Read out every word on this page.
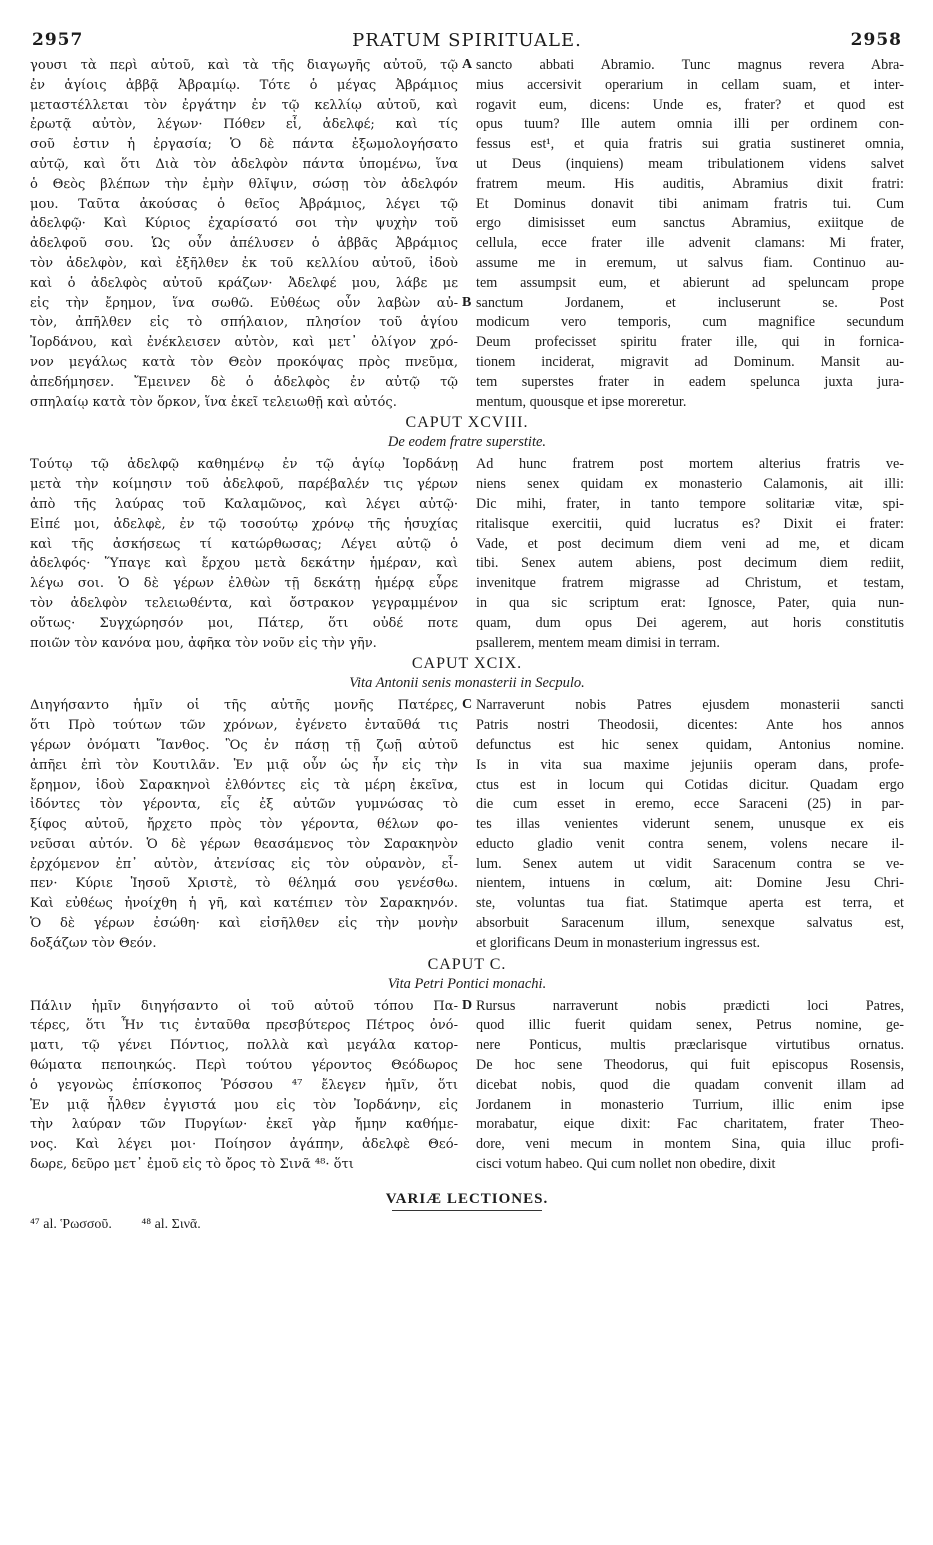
2957	PRATUM SPIRITUALE.	2958
γουσι τὰ περὶ αὐτοῦ, καὶ τὰ τῆς διαγωγῆς αὐτοῦ, τῷ
ἐν ἁγίοις ἀββᾷ Ἀβραμίῳ. Τότε ὁ μέγας Ἀβράμιος
μεταστέλλεται τὸν ἐργάτην ἐν τῷ κελλίῳ αὐτοῦ, καὶ
ἐρωτᾷ αὐτὸν, λέγων· Πόθεν εἶ, ἀδελφέ; καὶ τίς
σοῦ ἐστιν ἡ ἐργασία; Ὁ δὲ πάντα ἐξωμολογήσατο
αὐτῷ, καὶ ὅτι Διὰ τὸν ἀδελφὸν πάντα ὑπομένω, ἵνα
ὁ Θεὸς βλέπων τὴν ἐμὴν θλῖψιν, σώσῃ τὸν ἀδελφόν
μου. Ταῦτα ἀκούσας ὁ θεῖος Ἀβράμιος, λέγει τῷ
ἀδελφῷ· Καὶ Κύριος ἐχαρίσατό σοι τὴν ψυχὴν τοῦ
ἀδελφοῦ σου. Ὡς οὖν ἀπέλυσεν ὁ ἀββᾶς Ἀβράμιος
τὸν ἀδελφὸν, καὶ ἐξῆλθεν ἐκ τοῦ κελλίου αὐτοῦ, ἰδοὺ
καὶ ὁ ἀδελφὸς αὐτοῦ κράζων· Ἀδελφέ μου, λάβε με
εἰς τὴν ἔρημον, ἵνα σωθῶ. Εὐθέως οὖν λαβὼν αὐ-
τὸν, ἀπῆλθεν εἰς τὸ σπήλαιον, πλησίον τοῦ ἁγίου
Ἰορδάνου, καὶ ἐνέκλεισεν αὐτὸν, καὶ μετ᾽ ὀλίγον χρό-
νον μεγάλως κατὰ τὸν Θεὸν προκόψας πρὸς πνεῦμα,
ἀπεδήμησεν. Ἔμεινεν δὲ ὁ ἀδελφὸς ἐν αὐτῷ τῷ
σπηλαίῳ κατὰ τὸν ὅρκον, ἵνα ἐκεῖ τελειωθῇ καὶ αὐτός.
sancto abbati Abramio. Tunc magnus revera Abra-
mius accersivit operarium in cellam suam, et inter-
rogavit eum, dicens: Unde es, frater? et quod est
opus tuum? Ille autem omnia illi per ordinem con-
fessus est¹, et quia fratris sui gratia sustineret omnia,
ut Deus (inquiens) meam tribulationem videns salvet
fratrem meum. His auditis, Abramius dixit fratri:
Et Dominus donavit tibi animam fratris tui. Cum
ergo dimisisset eum sanctus Abramius, exiitque de
cellula, ecce frater ille advenit clamans: Mi frater,
assume me in eremum, ut salvus fiam. Continuo au-
tem assumpsit eum, et abierunt ad speluncam prope
sanctum Jordanem, et incluserunt se. Post
modicum vero temporis, cum magnifice secundum
Deum profecisset spiritu frater ille, qui in fornica-
tionem inciderat, migravit ad Dominum. Mansit au-
tem superstes frater in eadem spelunca juxta jura-
mentum, quousque et ipse moreretur.
A
B
CAPUT XCVIII.
De eodem fratre superstite.
Τούτῳ τῷ ἀδελφῷ καθημένῳ ἐν τῷ ἁγίῳ Ἰορδάνῃ
μετὰ τὴν κοίμησιν τοῦ ἀδελφοῦ, παρέβαλέν τις γέρων
ἀπὸ τῆς λαύρας τοῦ Καλαμῶνος, καὶ λέγει αὐτῷ·
Εἰπέ μοι, ἀδελφὲ, ἐν τῷ τοσούτῳ χρόνῳ τῆς ἡσυχίας
καὶ τῆς ἀσκήσεως τί κατώρθωσας; Λέγει αὐτῷ ὁ
ἀδελφός· Ὕπαγε καὶ ἔρχου μετὰ δεκάτην ἡμέραν, καὶ
λέγω σοι. Ὁ δὲ γέρων ἐλθὼν τῇ δεκάτῃ ἡμέρᾳ εὗρε
τὸν ἀδελφὸν τελειωθέντα, καὶ ὄστρακον γεγραμμένον
οὕτως· Συγχώρησόν μοι, Πάτερ, ὅτι οὐδέ ποτε
ποιῶν τὸν κανόνα μου, ἀφῆκα τὸν νοῦν εἰς τὴν γῆν.
Ad hunc fratrem post mortem alterius fratris ve-
niens senex quidam ex monasterio Calamonis, ait illi:
Dic mihi, frater, in tanto tempore solitariæ vitæ, spi-
ritalisque exercitii, quid lucratus es? Dixit ei frater:
Vade, et post decimum diem veni ad me, et dicam
tibi. Senex autem abiens, post decimum diem rediit,
invenitque fratrem migrasse ad Christum, et testam,
in qua sic scriptum erat: Ignosce, Pater, quia nun-
quam, dum opus Dei agerem, aut horis constitutis
psallerem, mentem meam dimisi in terram.
CAPUT XCIX.
Vita Antonii senis monasterii in Secpulo.
Διηγήσαντο ἡμῖν οἱ τῆς αὐτῆς μονῆς Πατέρες,
ὅτι Πρὸ τούτων τῶν χρόνων, ἐγένετο ἐνταῦθά τις
γέρων ὀνόματι Ἴανθος. Ὃς ἐν πάσῃ τῇ ζωῇ αὐτοῦ
ἀπῆει ἐπὶ τὸν Κουτιλᾶν. Ἐν μιᾷ οὖν ὡς ἦν εἰς τὴν
ἔρημον, ἰδοὺ Σαρακηνοὶ ἐλθόντες εἰς τὰ μέρη ἐκεῖνα,
ἰδόντες τὸν γέροντα, εἷς ἐξ αὐτῶν γυμνώσας τὸ
ξίφος αὐτοῦ, ἤρχετο πρὸς τὸν γέροντα, θέλων φο-
νεῦσαι αὐτόν. Ὁ δὲ γέρων θεασάμενος τὸν Σαρακηνὸν
ἐρχόμενον ἐπ᾽ αὐτὸν, ἀτενίσας εἰς τὸν οὐρανὸν, εἶ-
πεν· Κύριε Ἰησοῦ Χριστὲ, τὸ θέλημά σου γενέσθω.
Καὶ εὐθέως ἠνοίχθη ἡ γῆ, καὶ κατέπιεν τὸν Σαρακηνόν.
Ὁ δὲ γέρων ἐσώθη· καὶ εἰσῆλθεν εἰς τὴν μονὴν
δοξάζων τὸν Θεόν.
Narraverunt nobis Patres ejusdem monasterii sancti
Patris nostri Theodosii, dicentes: Ante hos annos
defunctus est hic senex quidam, Antonius nomine.
Is in vita sua maxime jejuniis operam dans, profe-
ctus est in locum qui Cotidas dicitur. Quadam ergo
die cum esset in eremo, ecce Saraceni (25) in par-
tes illas venientes viderunt senem, unusque ex eis
educto gladio venit contra senem, volens necare il-
lum. Senex autem ut vidit Saracenum contra se ve-
nientem, intuens in cœlum, ait: Domine Jesu Chri-
ste, voluntas tua fiat. Statimque aperta est terra, et
absorbuit Saracenum illum, senexque salvatus est,
et glorificans Deum in monasterium ingressus est.
C
CAPUT C.
Vita Petri Pontici monachi.
Πάλιν ἡμῖν διηγήσαντο οἱ τοῦ αὐτοῦ τόπου Πα-
τέρες, ὅτι Ἦν τις ἐνταῦθα πρεσβύτερος Πέτρος ὀνό-
ματι, τῷ γένει Πόντιος, πολλὰ καὶ μεγάλα κατορ-
θώματα πεποιηκώς. Περὶ τούτου γέροντος Θεόδωρος
ὁ γεγονὼς ἐπίσκοπος Ῥόσσου ⁴⁷ ἔλεγεν ἡμῖν, ὅτι
Ἐν μιᾷ ἦλθεν ἐγγιστά μου εἰς τὸν Ἰορδάνην, εἰς
τὴν λαύραν τῶν Πυργίων· ἐκεῖ γὰρ ἤμην καθήμε-
νος. Καὶ λέγει μοι· Ποίησον ἀγάπην, ἀδελφὲ Θεό-
δωρε, δεῦρο μετ᾽ ἐμοῦ εἰς τὸ ὄρος τὸ Σινᾶ ⁴⁸· ὅτι
Rursus narraverunt nobis prædicti loci Patres,
quod illic fuerit quidam senex, Petrus nomine, ge-
nere Ponticus, multis præclarisque virtutibus ornatus.
De hoc sene Theodorus, qui fuit episcopus Rosensis,
dicebat nobis, quod die quadam convenit illam ad
Jordanem in monasterio Turrium, illic enim ipse
morabatur, eique dixit: Fac charitatem, frater Theo-
dore, veni mecum in montem Sina, quia illuc profi-
cisci votum habeo. Qui cum nollet non obedire, dixit
D
VARIÆ LECTIONES.
⁴⁷ al. Ῥωσσοῦ. ⁴⁸ al. Σινᾶ.
